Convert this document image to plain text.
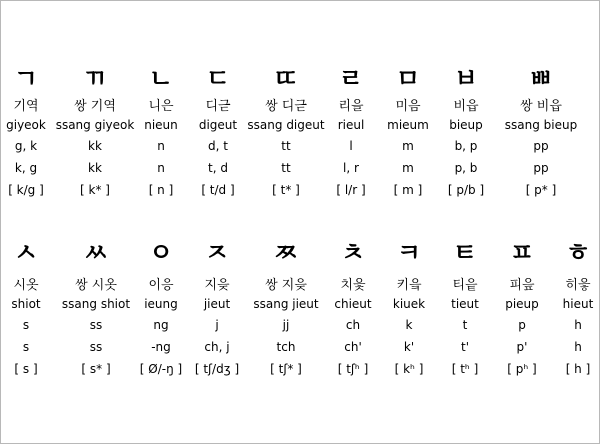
ㄱ
기역
giyeok
g, k
k, g
[ k/g ]
ㄲ
쌍 기역
ssang giyeok
kk
kk
[ k* ]
ㄴ
니은
nieun
n
n
[ n ]
ㄷ
디귿
digeut
d, t
t, d
[ t/d ]
ㄸ
쌍 디귿
ssang digeut
tt
tt
[ t* ]
ㄹ
리을
rieul
l
l, r
[ l/r ]
ㅁ
미음
mieum
m
m
[ m ]
ㅂ
비읍
bieup
b, p
p, b
[ p/b ]
ㅃ
쌍 비읍
ssang bieup
pp
pp
[ p* ]
ㅅ
시옷
shiot
s
s
[ s ]
ㅆ
쌍 시옷
ssang shiot
ss
ss
[ s* ]
ㅇ
이응
ieung
ng
-ng
[ Ø/-ŋ ]
ㅈ
지읒
jieut
j
ch, j
[ tʃ/dʒ ]
ㅉ
쌍 지읒
ssang jieut
jj
tch
[ tʃ* ]
ㅊ
치읓
chieut
ch
ch'
[ tʃʰ ]
ㅋ
키읔
kiuek
k
k'
[ kʰ ]
ㅌ
티읕
tieut
t
t'
[ tʰ ]
ㅍ
피읖
pieup
p
p'
[ pʰ ]
ㅎ
히읗
hieut
h
h
[ h ]
